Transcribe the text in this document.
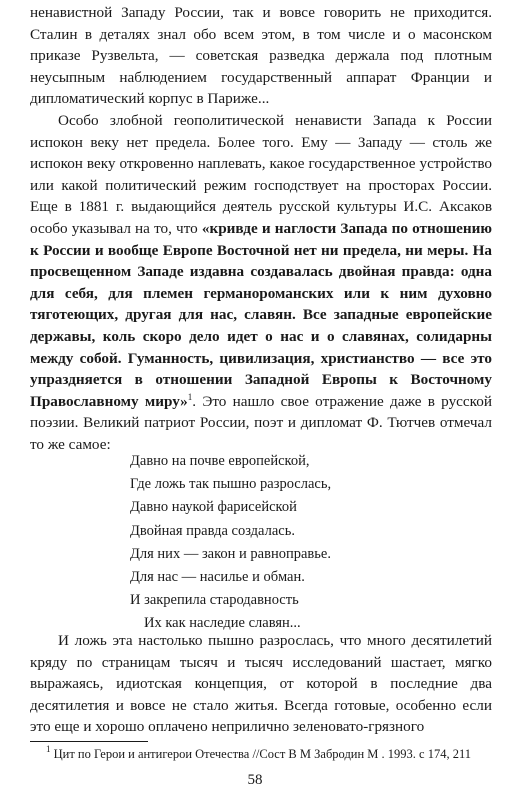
ненавистной Западу России, так и вовсе говорить не приходится. Сталин в деталях знал обо всем этом, в том числе и о масонском приказе Рузвельта, — советская разведка держала под плотным неусыпным наблюдением государственный аппарат Франции и дипломатический корпус в Париже...

Особо злобной геополитической ненависти Запада к России испокон веку нет предела. Более того. Ему — Западу — столь же испокон веку откровенно наплевать, какое государственное устройство или какой политический режим господствует на просторах России. Еще в 1881 г. выдающийся деятель русской культуры И.С. Аксаков особо указывал на то, что «кривде и наглости Запада по отношению к России и вообще Европе Восточной нет ни предела, ни меры. На просвещенном Западе издавна создавалась двойная правда: одна для себя, для племен германороманских или к ним духовно тяготеющих, другая для нас, славян. Все западные европейские державы, коль скоро дело идет о нас и о славянах, солидарны между собой. Гуманность, цивилизация, христианство — все это упраздняется в отношении Западной Европы к Восточному Православному миру»$^1$. Это нашло свое отражение даже в русской поэзии. Великий патриот России, поэт и дипломат Ф. Тютчев отмечал то же самое:

Давно на почве европейской,
Где ложь так пышно разрослась,
Давно наукой фарисейской
Двойная правда создалась.
Для них — закон и равноправье.
Для нас — насилье и обман.
И закрепила стародавность
Их как наследие славян...

И ложь эта настолько пышно разрослась, что много десятилетий кряду по страницам тысяч и тысяч исследований шастает, мягко выражаясь, идиотская концепция, от которой в последние два десятилетия и вовсе не стало житья. Всегда готовые, особенно если это еще и хорошо оплачено неприлично зеленовато-грязного

$^1$ Цит по Герои и антигерои Отечества //Сост В М Забродин М . 1993. с 174, 211
58
